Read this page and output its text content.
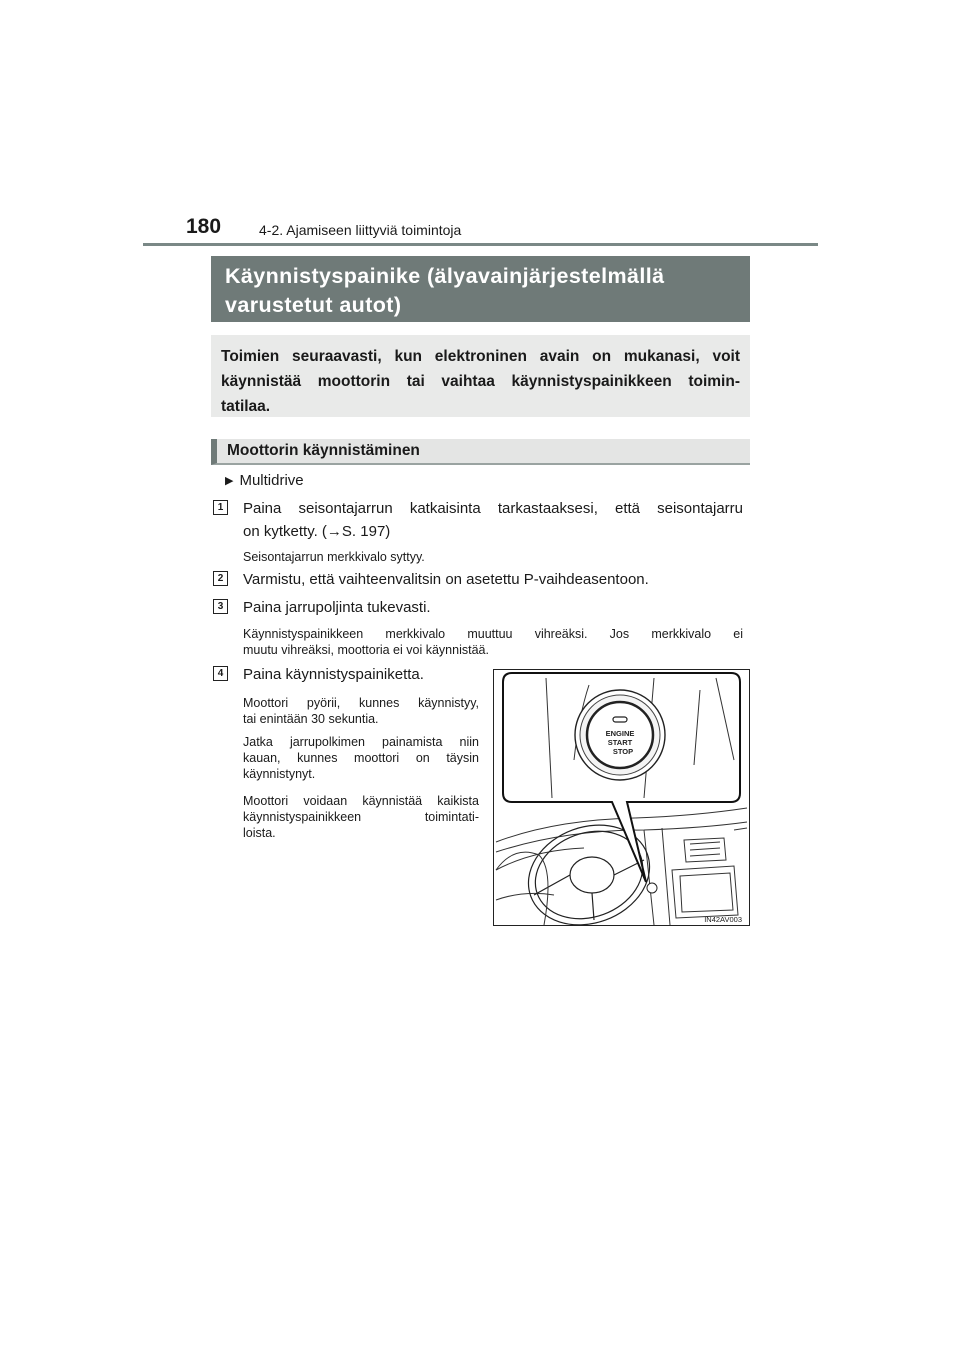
180	4-2. Ajamiseen liittyviä toimintoja
Käynnistyspainike (älyavainjärjestelmällä
varustetut autot)
Toimien seuraavasti, kun elektroninen avain on mukanasi, voit
käynnistää moottorin tai vaihtaa käynnistyspainikkeen toimin-
tatilaa.
Moottorin käynnistäminen
▶ Multidrive
1	Paina seisontajarrun katkaisinta tarkastaaksesi, että seisontajarru
on kytketty. (→S. 197)
Seisontajarrun merkkivalo syttyy.
2	Varmistu, että vaihteenvalitsin on asetettu P-vaihdeasentoon.
3	Paina jarrupoljinta tukevasti.
Käynnistyspainikkeen merkkivalo muuttuu vihreäksi. Jos merkkivalo ei
muutu vihreäksi, moottoria ei voi käynnistää.
4	Paina käynnistyspainiketta.
Moottori pyörii, kunnes käynnistyy,
tai enintään 30 sekuntia.
Jatka jarrupolkimen painamista niin
kauan, kunnes moottori on täysin
käynnistynyt.
Moottori voidaan käynnistää kaikista
käynnistyspainikkeen toimintati-
loista.
ENGINE
START
STOP
IN42AV003
